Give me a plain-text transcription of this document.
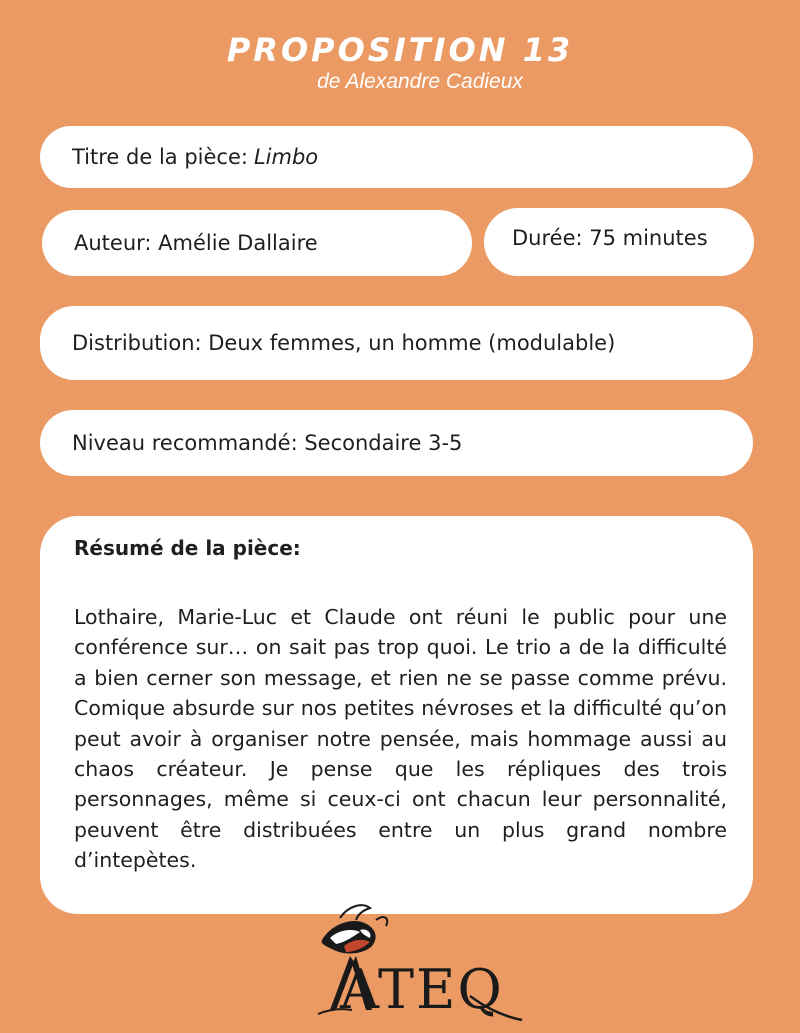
PROPOSITION 13
de Alexandre Cadieux
Titre de la pièce: Limbo
Auteur: Amélie Dallaire	Durée: 75 minutes
Distribution: Deux femmes, un homme (modulable)
Niveau recommandé: Secondaire 3-5
Résumé de la pièce:

Lothaire, Marie-Luc et Claude ont réuni le public pour une conférence sur… on sait pas trop quoi. Le trio a de la difficulté a bien cerner son message, et rien ne se passe comme prévu. Comique absurde sur nos petites névroses et la difficulté qu’on peut avoir à organiser notre pensée, mais hommage aussi au chaos créateur. Je pense que les répliques des trois personnages, même si ceux-ci ont chacun leur personnalité, peuvent être distribuées entre un plus grand nombre d’intepètes.

ATEQ
